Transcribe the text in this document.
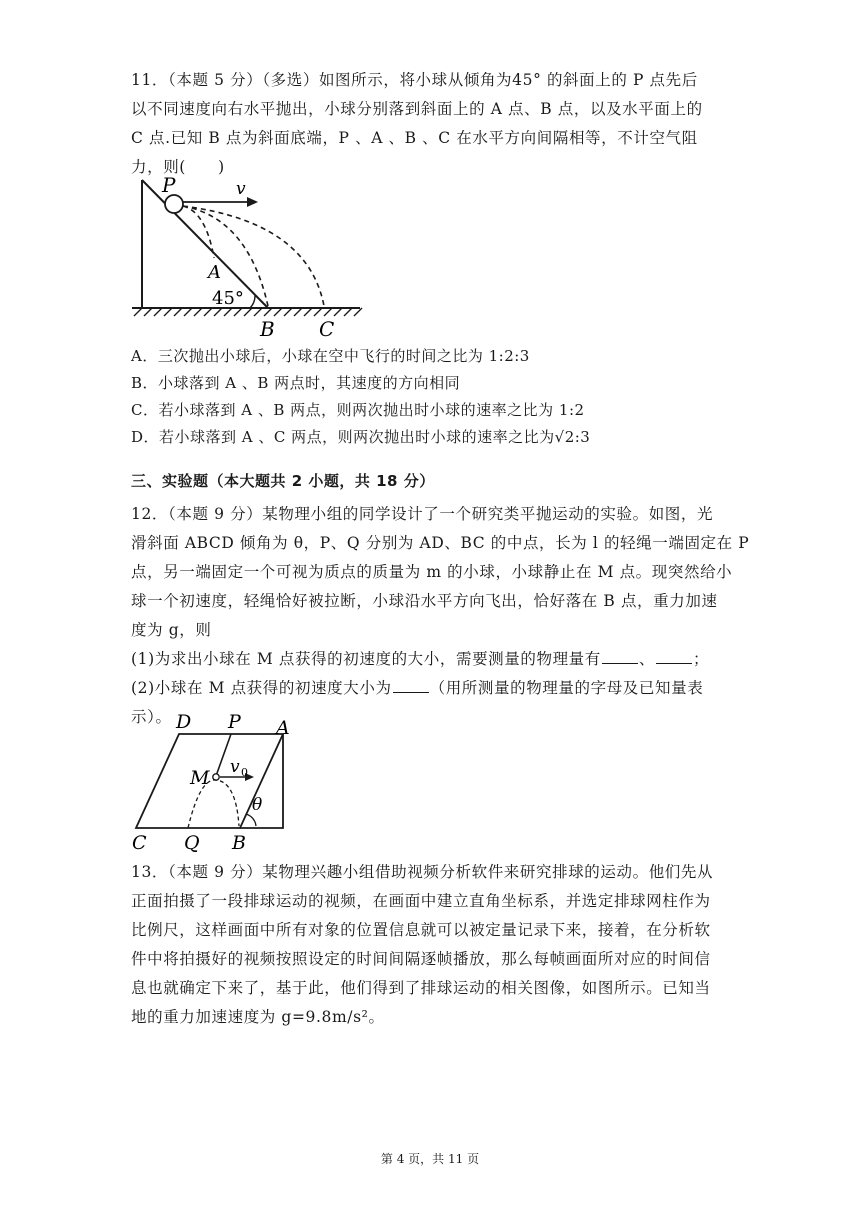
11．（本题 5 分）（多选）如图所示，将小球从倾角为45° 的斜面上的 P 点先后
以不同速度向右水平抛出，小球分别落到斜面上的 A 点、B 点，以及水平面上的
C 点.已知 B 点为斜面底端，P 、A 、B 、C 在水平方向间隔相等，不计空气阻
力，则(　　)
P	v
A
45°
B C
A．三次抛出小球后，小球在空中飞行的时间之比为 1:2:3
B．小球落到 A 、B 两点时，其速度的方向相同
C．若小球落到 A 、B 两点，则两次抛出时小球的速率之比为 1:2
D．若小球落到 A 、C 两点，则两次抛出时小球的速率之比为√2:3
三、实验题（本大题共 2 小题，共 18 分）
12．（本题 9 分）某物理小组的同学设计了一个研究类平抛运动的实验。如图，光
滑斜面 ABCD 倾角为 θ，P、Q 分别为 AD、BC 的中点，长为 l 的轻绳一端固定在 P
点，另一端固定一个可视为质点的质量为 m 的小球，小球静止在 M 点。现突然给小
球一个初速度，轻绳恰好被拉断，小球沿水平方向飞出，恰好落在 B 点，重力加速
度为 g，则
(1)为求出小球在 M 点获得的初速度的大小，需要测量的物理量有 、 ；
(2)小球在 M 点获得的初速度大小为 （用所测量的物理量的字母及已知量表
示）。 D P A
M v 0
θ
C Q B
13．（本题 9 分）某物理兴趣小组借助视频分析软件来研究排球的运动。他们先从
正面拍摄了一段排球运动的视频，在画面中建立直角坐标系，并选定排球网柱作为
比例尺，这样画面中所有对象的位置信息就可以被定量记录下来，接着，在分析软
件中将拍摄好的视频按照设定的时间间隔逐帧播放，那么每帧画面所对应的时间信
息也就确定下来了，基于此，他们得到了排球运动的相关图像，如图所示。已知当
地的重力加速速度为 g=9.8m/s²。
第 4 页，共 11 页
